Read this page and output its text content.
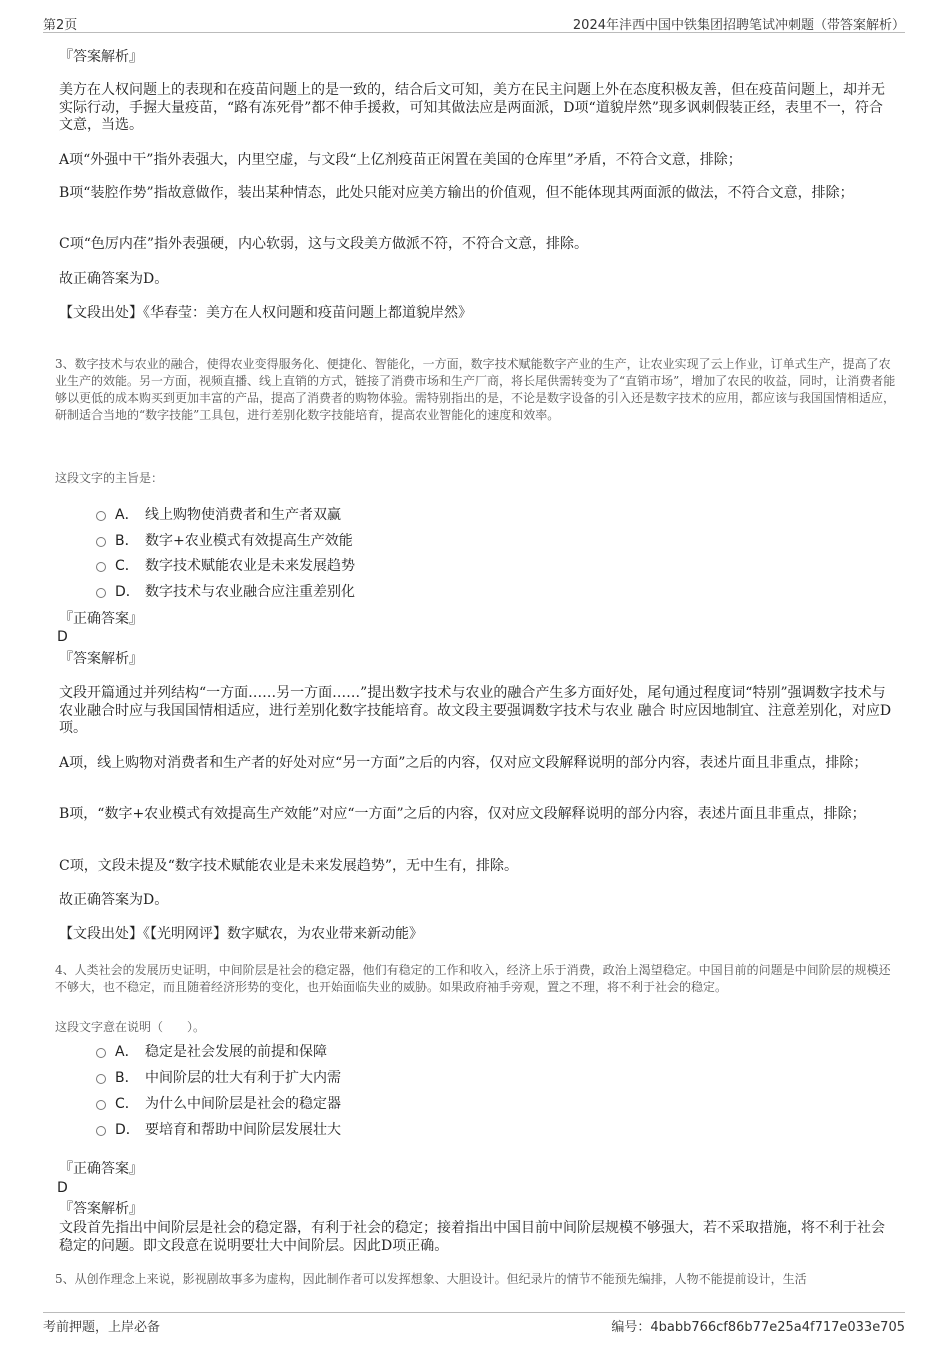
第2页	2024年沣西中国中铁集团招聘笔试冲刺题（带答案解析）

『答案解析』

美方在人权问题上的表现和在疫苗问题上的是一致的，结合后文可知，美方在民主问题上外在态度积极友善，但在疫苗问题上，却并无实际行动，手握大量疫苗，“路有冻死骨”都不伸手援救，可知其做法应是两面派，D项“道貌岸然”现多讽刺假装正经，表里不一，符合文意，当选。

A项“外强中干”指外表强大，内里空虚，与文段“上亿剂疫苗正闲置在美国的仓库里”矛盾，不符合文意，排除；

B项“装腔作势”指故意做作，装出某种情态，此处只能对应美方输出的价值观，但不能体现其两面派的做法，不符合文意，排除；

C项“色厉内荏”指外表强硬，内心软弱，这与文段美方做派不符，不符合文意，排除。

故正确答案为D。

【文段出处】《华春莹：美方在人权问题和疫苗问题上都道貌岸然》

3、数字技术与农业的融合，使得农业变得服务化、便捷化、智能化，一方面，数字技术赋能数字产业的生产，让农业实现了云上作业，订单式生产，提高了农业生产的效能。另一方面，视频直播、线上直销的方式，链接了消费市场和生产厂商，将长尾供需转变为了“直销市场”，增加了农民的收益，同时，让消费者能够以更低的成本购买到更加丰富的产品，提高了消费者的购物体验。需特别指出的是，不论是数字设备的引入还是数字技术的应用，都应该与我国国情相适应，研制适合当地的“数字技能”工具包，进行差别化数字技能培育，提高农业智能化的速度和效率。

这段文字的主旨是：

A． 线上购物使消费者和生产者双赢
B． 数字+农业模式有效提高生产效能
C． 数字技术赋能农业是未来发展趋势
D． 数字技术与农业融合应注重差别化

『正确答案』

D

『答案解析』

文段开篇通过并列结构“一方面……另一方面……”提出数字技术与农业的融合产生多方面好处，尾句通过程度词“特别”强调数字技术与农业融合时应与我国国情相适应，进行差别化数字技能培育。故文段主要强调数字技术与农业 融合 时应因地制宜、注意差别化，对应D项。

A项，线上购物对消费者和生产者的好处对应“另一方面”之后的内容，仅对应文段解释说明的部分内容，表述片面且非重点，排除；

B项，“数字+农业模式有效提高生产效能”对应“一方面”之后的内容，仅对应文段解释说明的部分内容，表述片面且非重点，排除；

C项，文段未提及“数字技术赋能农业是未来发展趋势”，无中生有，排除。

故正确答案为D。

【文段出处】《【光明网评】数字赋农，为农业带来新动能》

4、人类社会的发展历史证明，中间阶层是社会的稳定器，他们有稳定的工作和收入，经济上乐于消费，政治上渴望稳定。中国目前的问题是中间阶层的规模还不够大，也不稳定，而且随着经济形势的变化，也开始面临失业的威胁。如果政府袖手旁观，置之不理，将不利于社会的稳定。

这段文字意在说明（　　）。

A． 稳定是社会发展的前提和保障
B． 中间阶层的壮大有利于扩大内需
C． 为什么中间阶层是社会的稳定器
D． 要培育和帮助中间阶层发展壮大

『正确答案』

D

『答案解析』

文段首先指出中间阶层是社会的稳定器，有利于社会的稳定；接着指出中国目前中间阶层规模不够强大，若不采取措施，将不利于社会稳定的问题。即文段意在说明要壮大中间阶层。因此D项正确。

5、从创作理念上来说，影视剧故事多为虚构，因此制作者可以发挥想象、大胆设计。但纪录片的情节不能预先编排，人物不能提前设计，生活

考前押题，上岸必备	编号：4babb766cf86b77e25a4f717e033e705
